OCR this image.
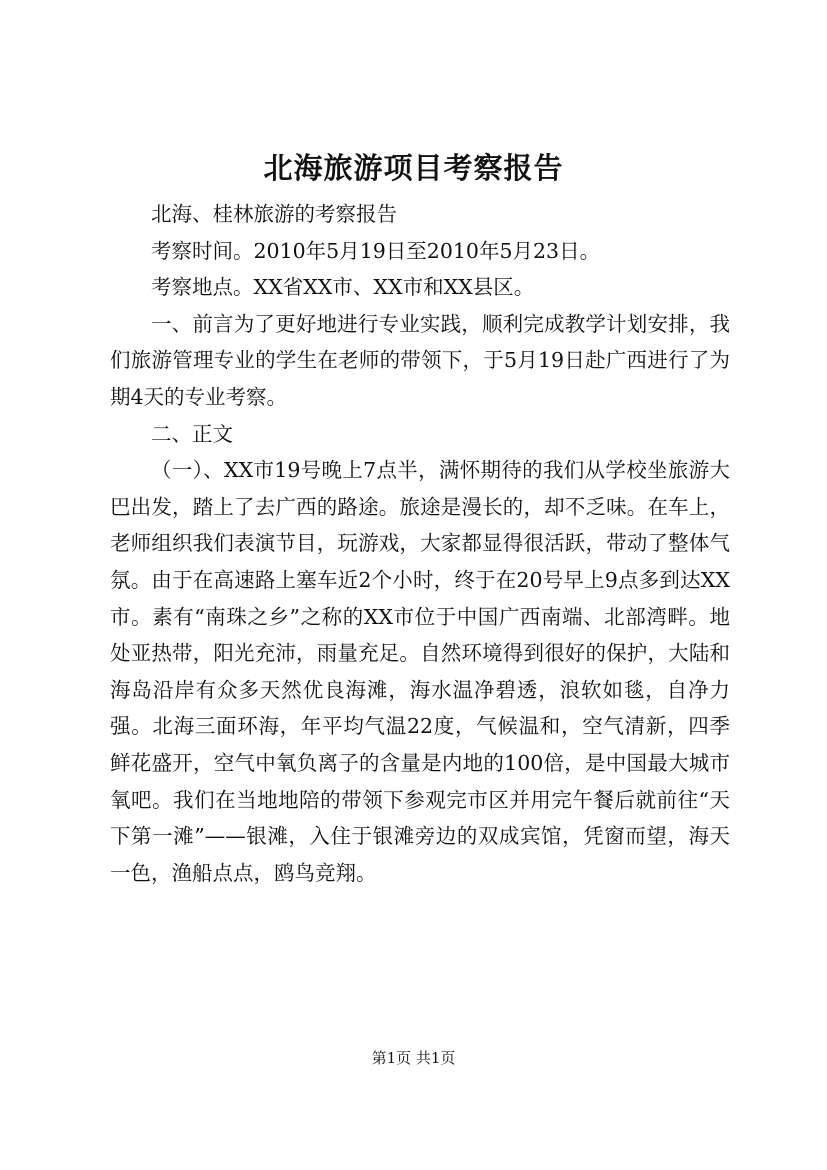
北海旅游项目考察报告

北海、桂林旅游的考察报告

考察时间。2010年5月19日至2010年5月23日。

考察地点。XX省XX市、XX市和XX县区。

一、前言为了更好地进行专业实践，顺利完成教学计划安排，我们旅游管理专业的学生在老师的带领下，于5月19日赴广西进行了为期4天的专业考察。

二、正文

（一）、XX市19号晚上7点半，满怀期待的我们从学校坐旅游大巴出发，踏上了去广西的路途。旅途是漫长的，却不乏味。在车上，老师组织我们表演节目，玩游戏，大家都显得很活跃，带动了整体气氛。由于在高速路上塞车近2个小时，终于在20号早上9点多到达XX市。素有“南珠之乡”之称的XX市位于中国广西南端、北部湾畔。地处亚热带，阳光充沛，雨量充足。自然环境得到很好的保护，大陆和海岛沿岸有众多天然优良海滩，海水温净碧透，浪软如毯，自净力强。北海三面环海，年平均气温22度，气候温和，空气清新，四季鲜花盛开，空气中氧负离子的含量是内地的100倍，是中国最大城市氧吧。我们在当地地陪的带领下参观完市区并用完午餐后就前往“天下第一滩”——银滩，入住于银滩旁边的双成宾馆，凭窗而望，海天一色，渔船点点，鸥鸟竞翔。

第1页 共1页
